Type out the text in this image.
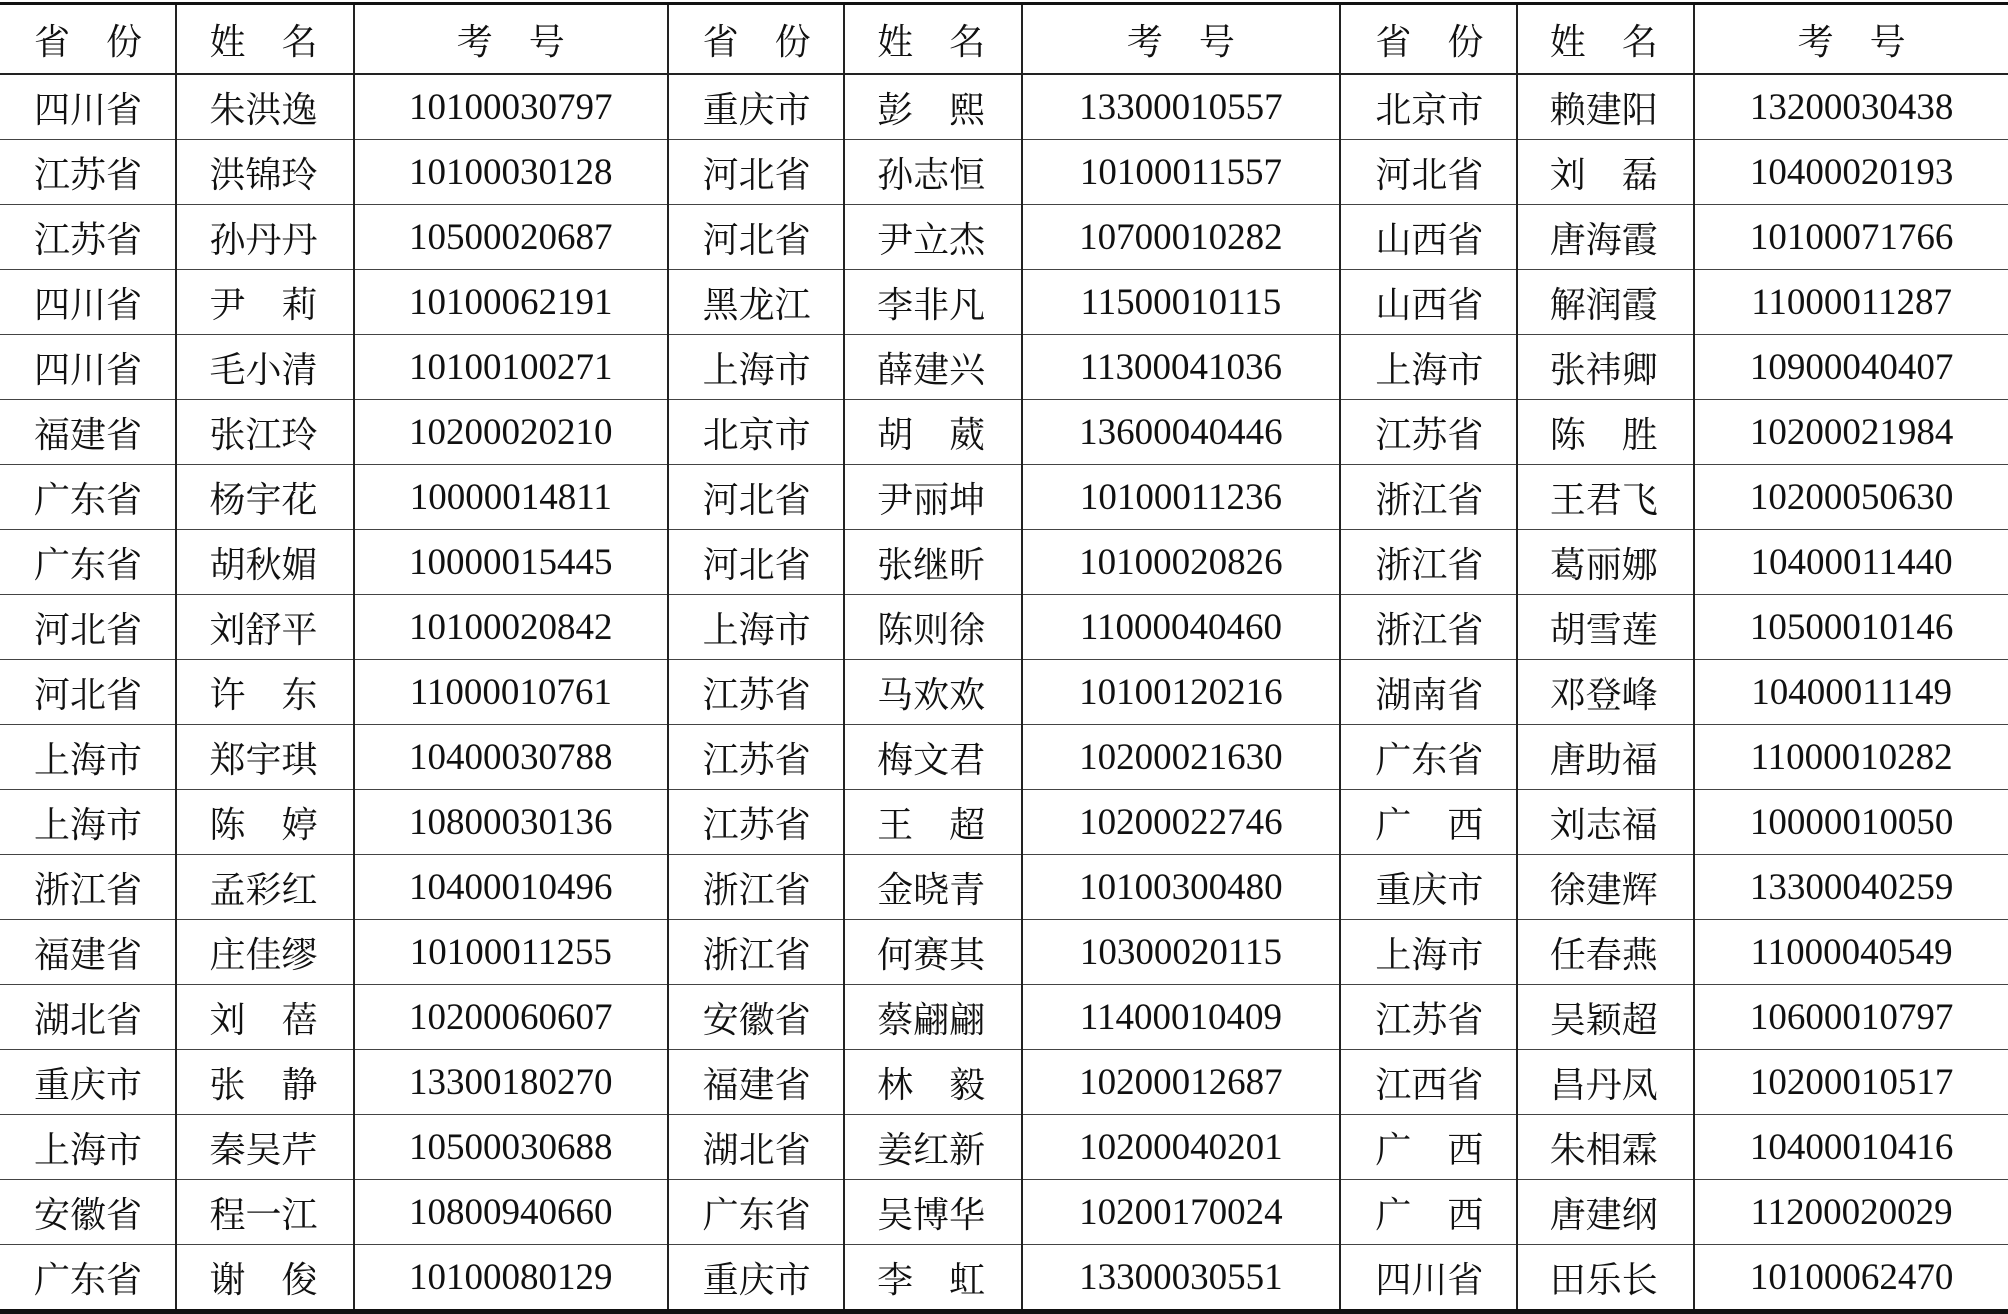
省　份	姓　名	考　号	省　份	姓　名	考　号	省　份	姓　名	考　号
四川省	朱洪逸	10100030797	重庆市	彭　熙	13300010557	北京市	赖建阳	13200030438
江苏省	洪锦玲	10100030128	河北省	孙志恒	10100011557	河北省	刘　磊	10400020193
江苏省	孙丹丹	10500020687	河北省	尹立杰	10700010282	山西省	唐海霞	10100071766
四川省	尹　莉	10100062191	黑龙江	李非凡	11500010115	山西省	解润霞	11000011287
四川省	毛小清	10100100271	上海市	薛建兴	11300041036	上海市	张祎卿	10900040407
福建省	张江玲	10200020210	北京市	胡　葳	13600040446	江苏省	陈　胜	10200021984
广东省	杨宇花	10000014811	河北省	尹丽坤	10100011236	浙江省	王君飞	10200050630
广东省	胡秋媚	10000015445	河北省	张继昕	10100020826	浙江省	葛丽娜	10400011440
河北省	刘舒平	10100020842	上海市	陈则徐	11000040460	浙江省	胡雪莲	10500010146
河北省	许　东	11000010761	江苏省	马欢欢	10100120216	湖南省	邓登峰	10400011149
上海市	郑宇琪	10400030788	江苏省	梅文君	10200021630	广东省	唐助福	11000010282
上海市	陈　婷	10800030136	江苏省	王　超	10200022746	广　西	刘志福	10000010050
浙江省	孟彩红	10400010496	浙江省	金晓青	10100300480	重庆市	徐建辉	13300040259
福建省	庄佳缪	10100011255	浙江省	何赛其	10300020115	上海市	任春燕	11000040549
湖北省	刘　蓓	10200060607	安徽省	蔡翩翩	11400010409	江苏省	吴颖超	10600010797
重庆市	张　静	13300180270	福建省	林　毅	10200012687	江西省	昌丹凤	10200010517
上海市	秦吴芹	10500030688	湖北省	姜红新	10200040201	广　西	朱相霖	10400010416
安徽省	程一江	10800940660	广东省	吴博华	10200170024	广　西	唐建纲	11200020029
广东省	谢　俊	10100080129	重庆市	李　虹	13300030551	四川省	田乐长	10100062470
